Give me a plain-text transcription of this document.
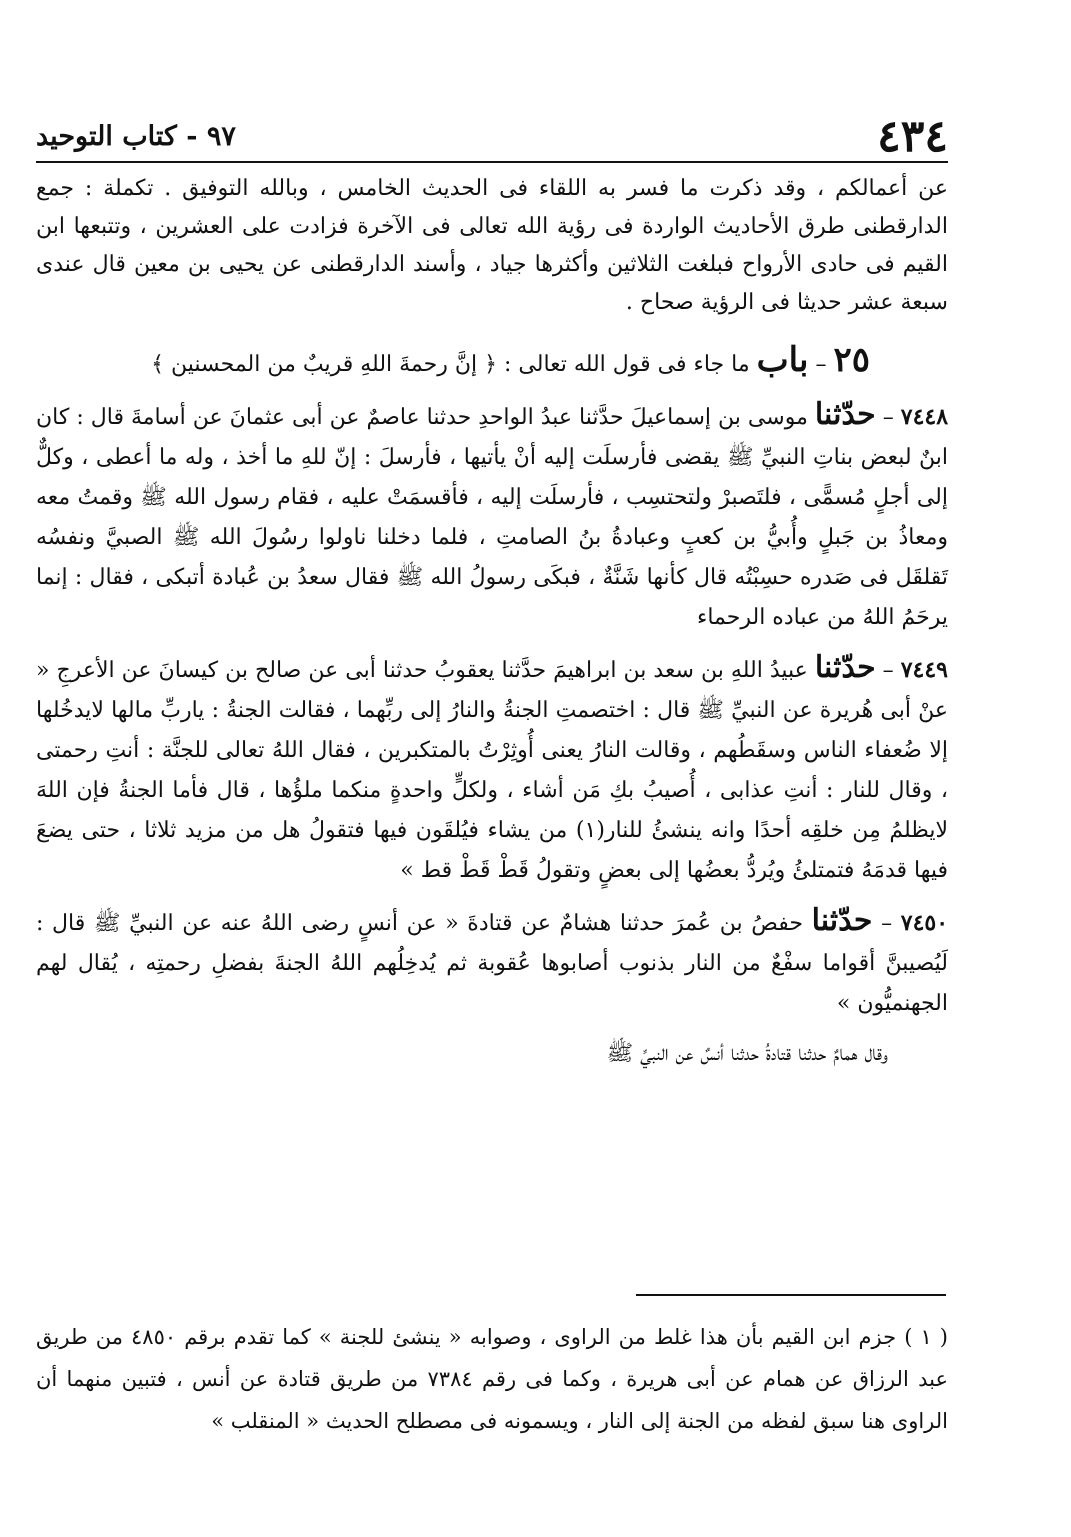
٤٣٤
٩٧ - كتاب التوحيد

عن أعمالكم ، وقد ذكرت ما فسر به اللقاء فى الحديث الخامس ، وبالله التوفيق . تكملة : جمع الدارقطنى طرق الأحاديث الواردة فى رؤية الله تعالى فى الآخرة فزادت على العشرين ، وتتبعها ابن القيم فى حادى الأرواح فبلغت الثلاثين وأكثرها جياد ، وأسند الدارقطنى عن يحيى بن معين قال عندى سبعة عشر حديثا فى الرؤية صحاح .

٢٥ – باب ما جاء فى قول الله تعالى : ﴿ إنَّ رحمةَ اللهِ قريبٌ من المحسنين ﴾

٧٤٤٨ – حدّثنا موسى بن إسماعيلَ حدَّثنا عبدُ الواحدِ حدثنا عاصمٌ عن أبى عثمانَ عن أسامةَ قال : كان ابنٌ لبعض بناتِ النبيِّ ﷺ يقضى فأرسلَت إليه أنْ يأتيها ، فأرسلَ : إنّ للهِ ما أخذ ، وله ما أعطى ، وكلٌّ إلى أجلٍ مُسمًّى ، فلتَصبرْ ولتحتسِب ، فأرسلَت إليه ، فأقسمَتْ عليه ، فقام رسول الله ﷺ وقمتُ معه ومعاذُ بن جَبلٍ وأُبيُّ بن كعبٍ وعبادةُ بنُ الصامتِ ، فلما دخلنا ناولوا رسُولَ الله ﷺ الصبيَّ ونفسُه تَقلقَل فى صَدره حسِبْتُه قال كأنها شَنَّةٌ ، فبكَى رسولُ الله ﷺ فقال سعدُ بن عُبادة أتبكى ، فقال : إنما يرحَمُ اللهُ من عباده الرحماء

٧٤٤٩ – حدّثنا عبيدُ اللهِ بن سعد بن ابراهيمَ حدَّثنا يعقوبُ حدثنا أبى عن صالح بن كيسانَ عن الأعرجِ « عنْ أبى هُريرة عن النبيِّ ﷺ قال : اختصمتِ الجنةُ والنارُ إلى ربِّهما ، فقالت الجنةُ : ياربِّ مالها لايدخُلها إلا ضُعفاء الناس وسقَطُهم ، وقالت النارُ يعنى أُوثِرْتُ بالمتكبرين ، فقال اللهُ تعالى للجنَّة : أنتِ رحمتى ، وقال للنار : أنتِ عذابى ، أُصيبُ بكِ مَن أشاء ، ولكلٍّ واحدةٍ منكما ملؤُها ، قال فأما الجنةُ فإن اللهَ لايظلمُ مِن خلقِه أحدًا وانه ينشئُ للنار(١) من يشاء فيُلقَون فيها فتقولُ هل من مزيد ثلاثا ، حتى يضعَ فيها قدمَهُ فتمتلئُ ويُردُّ بعضُها إلى بعضٍ وتقولُ قَطْ قَطْ قط »

٧٤٥٠ – حدّثنا حفصُ بن عُمرَ حدثنا هشامٌ عن قتادةَ « عن أنسٍ رضى اللهُ عنه عن النبيِّ ﷺ قال : لَيُصيبنَّ أقواما سفْعٌ من النار بذنوب أصابوها عُقوبة ثم يُدخِلُهم اللهُ الجنةَ بفضلِ رحمتِه ، يُقال لهم الجهنميُّون »

وقال همامٌ حدثنا قتادةُ حدثنا أنسٌ عن النبيِّ ﷺ

( ١ ) جزم ابن القيم بأن هذا غلط من الراوى ، وصوابه « ينشئ للجنة » كما تقدم برقم ٤٨٥٠ من طريق عبد الرزاق عن همام عن أبى هريرة ، وكما فى رقم ٧٣٨٤ من طريق قتادة عن أنس ، فتبين منهما أن الراوى هنا سبق لفظه من الجنة إلى النار ، ويسمونه فى مصطلح الحديث « المنقلب »
